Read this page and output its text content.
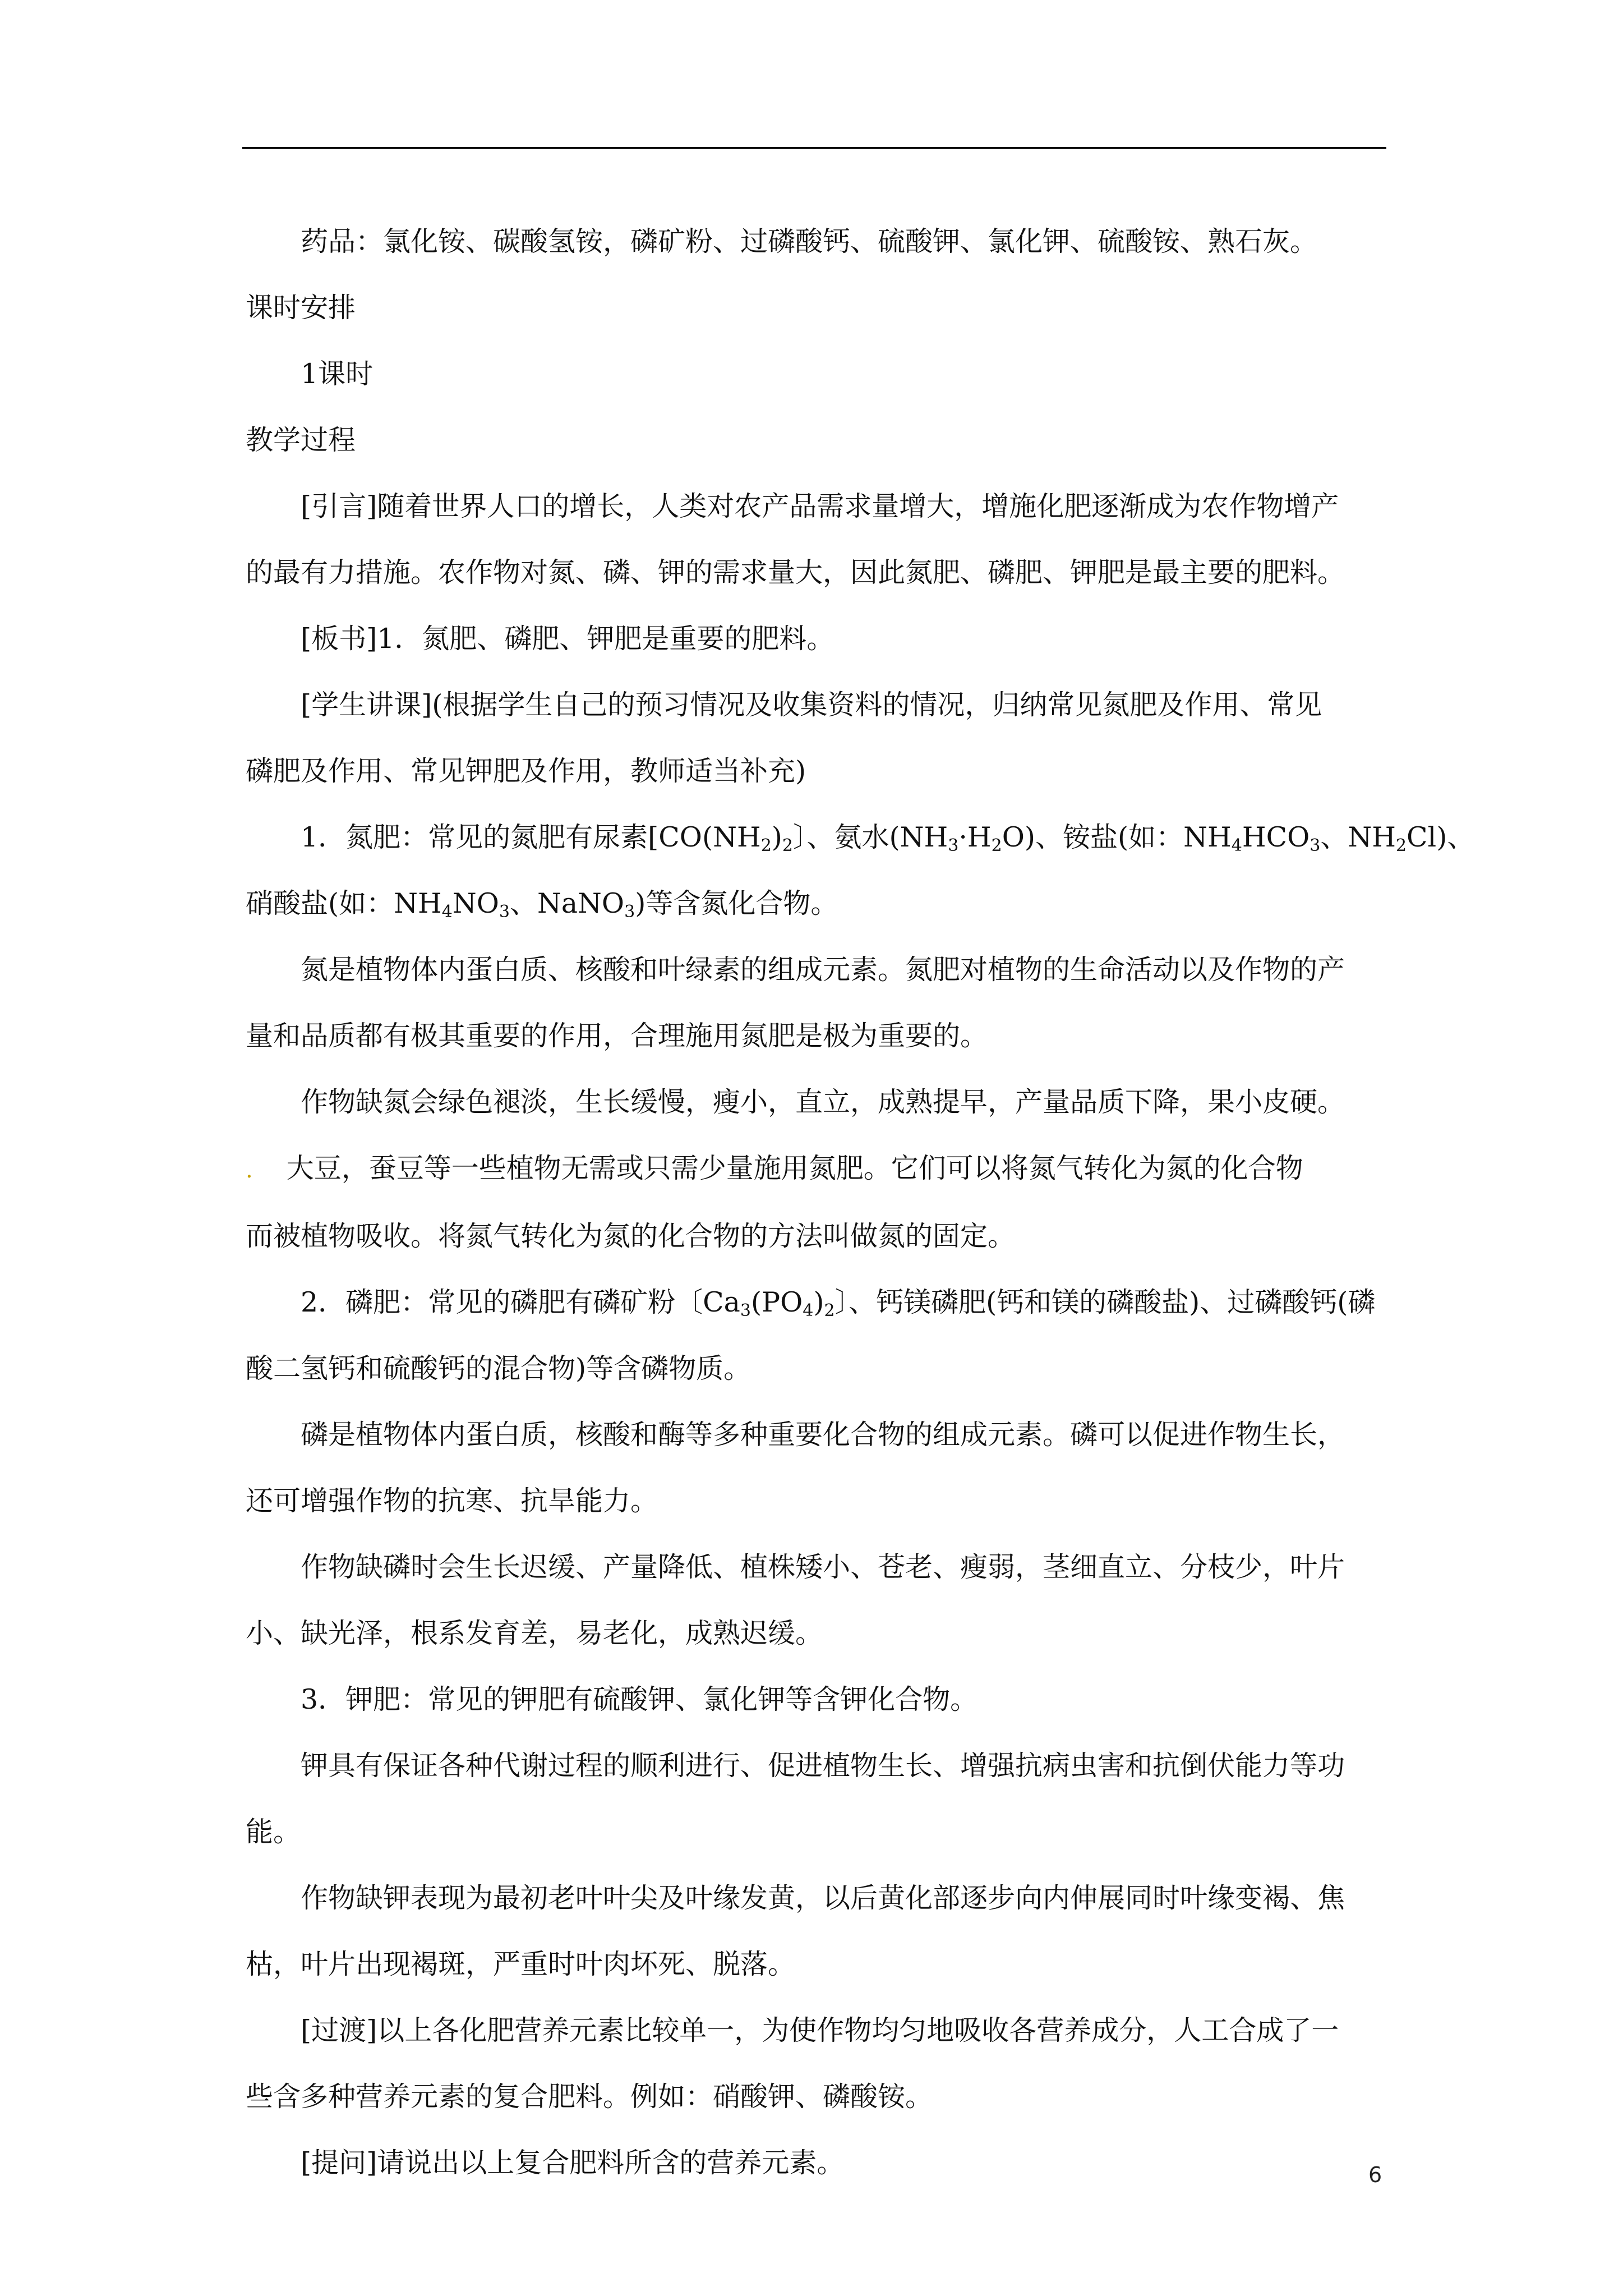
药品：氯化铵、碳酸氢铵，磷矿粉、过磷酸钙、硫酸钾、氯化钾、硫酸铵、熟石灰。

课时安排

1课时

教学过程

[引言]随着世界人口的增长，人类对农产品需求量增大，增施化肥逐渐成为农作物增产

的最有力措施。农作物对氮、磷、钾的需求量大，因此氮肥、磷肥、钾肥是最主要的肥料。

[板书]1．氮肥、磷肥、钾肥是重要的肥料。

[学生讲课](根据学生自己的预习情况及收集资料的情况，归纳常见氮肥及作用、常见

磷肥及作用、常见钾肥及作用，教师适当补充)

1．氮肥：常见的氮肥有尿素[$CO(NH_2)_2$〕、氨水$(NH_3\cdot H_2O)$、铵盐(如：$NH_4HCO_3$、$NH_2Cl$)、

硝酸盐(如：$NH_4NO_3$、NaNO$_3$)等含氮化合物。

氮是植物体内蛋白质、核酸和叶绿素的组成元素。氮肥对植物的生命活动以及作物的产

量和品质都有极其重要的作用，合理施用氮肥是极为重要的。

作物缺氮会绿色褪淡，生长缓慢，瘦小，直立，成熟提早，产量品质下降，果小皮硬。

. 大豆，蚕豆等一些植物无需或只需少量施用氮肥。它们可以将氮气转化为氮的化合物

而被植物吸收。将氮气转化为氮的化合物的方法叫做氮的固定。

2．磷肥：常见的磷肥有磷矿粉〔$Ca_3(PO_4)_2$〕、钙镁磷肥(钙和镁的磷酸盐)、过磷酸钙(磷

酸二氢钙和硫酸钙的混合物)等含磷物质。

磷是植物体内蛋白质，核酸和酶等多种重要化合物的组成元素。磷可以促进作物生长，

还可增强作物的抗寒、抗旱能力。

作物缺磷时会生长迟缓、产量降低、植株矮小、苍老、瘦弱，茎细直立、分枝少，叶片

小、缺光泽，根系发育差，易老化，成熟迟缓。

3．钾肥：常见的钾肥有硫酸钾、氯化钾等含钾化合物。

钾具有保证各种代谢过程的顺利进行、促进植物生长、增强抗病虫害和抗倒伏能力等功

能。

作物缺钾表现为最初老叶叶尖及叶缘发黄，以后黄化部逐步向内伸展同时叶缘变褐、焦

枯，叶片出现褐斑，严重时叶肉坏死、脱落。

[过渡]以上各化肥营养元素比较单一，为使作物均匀地吸收各营养成分，人工合成了一

些含多种营养元素的复合肥料。例如：硝酸钾、磷酸铵。

[提问]请说出以上复合肥料所含的营养元素。	6
